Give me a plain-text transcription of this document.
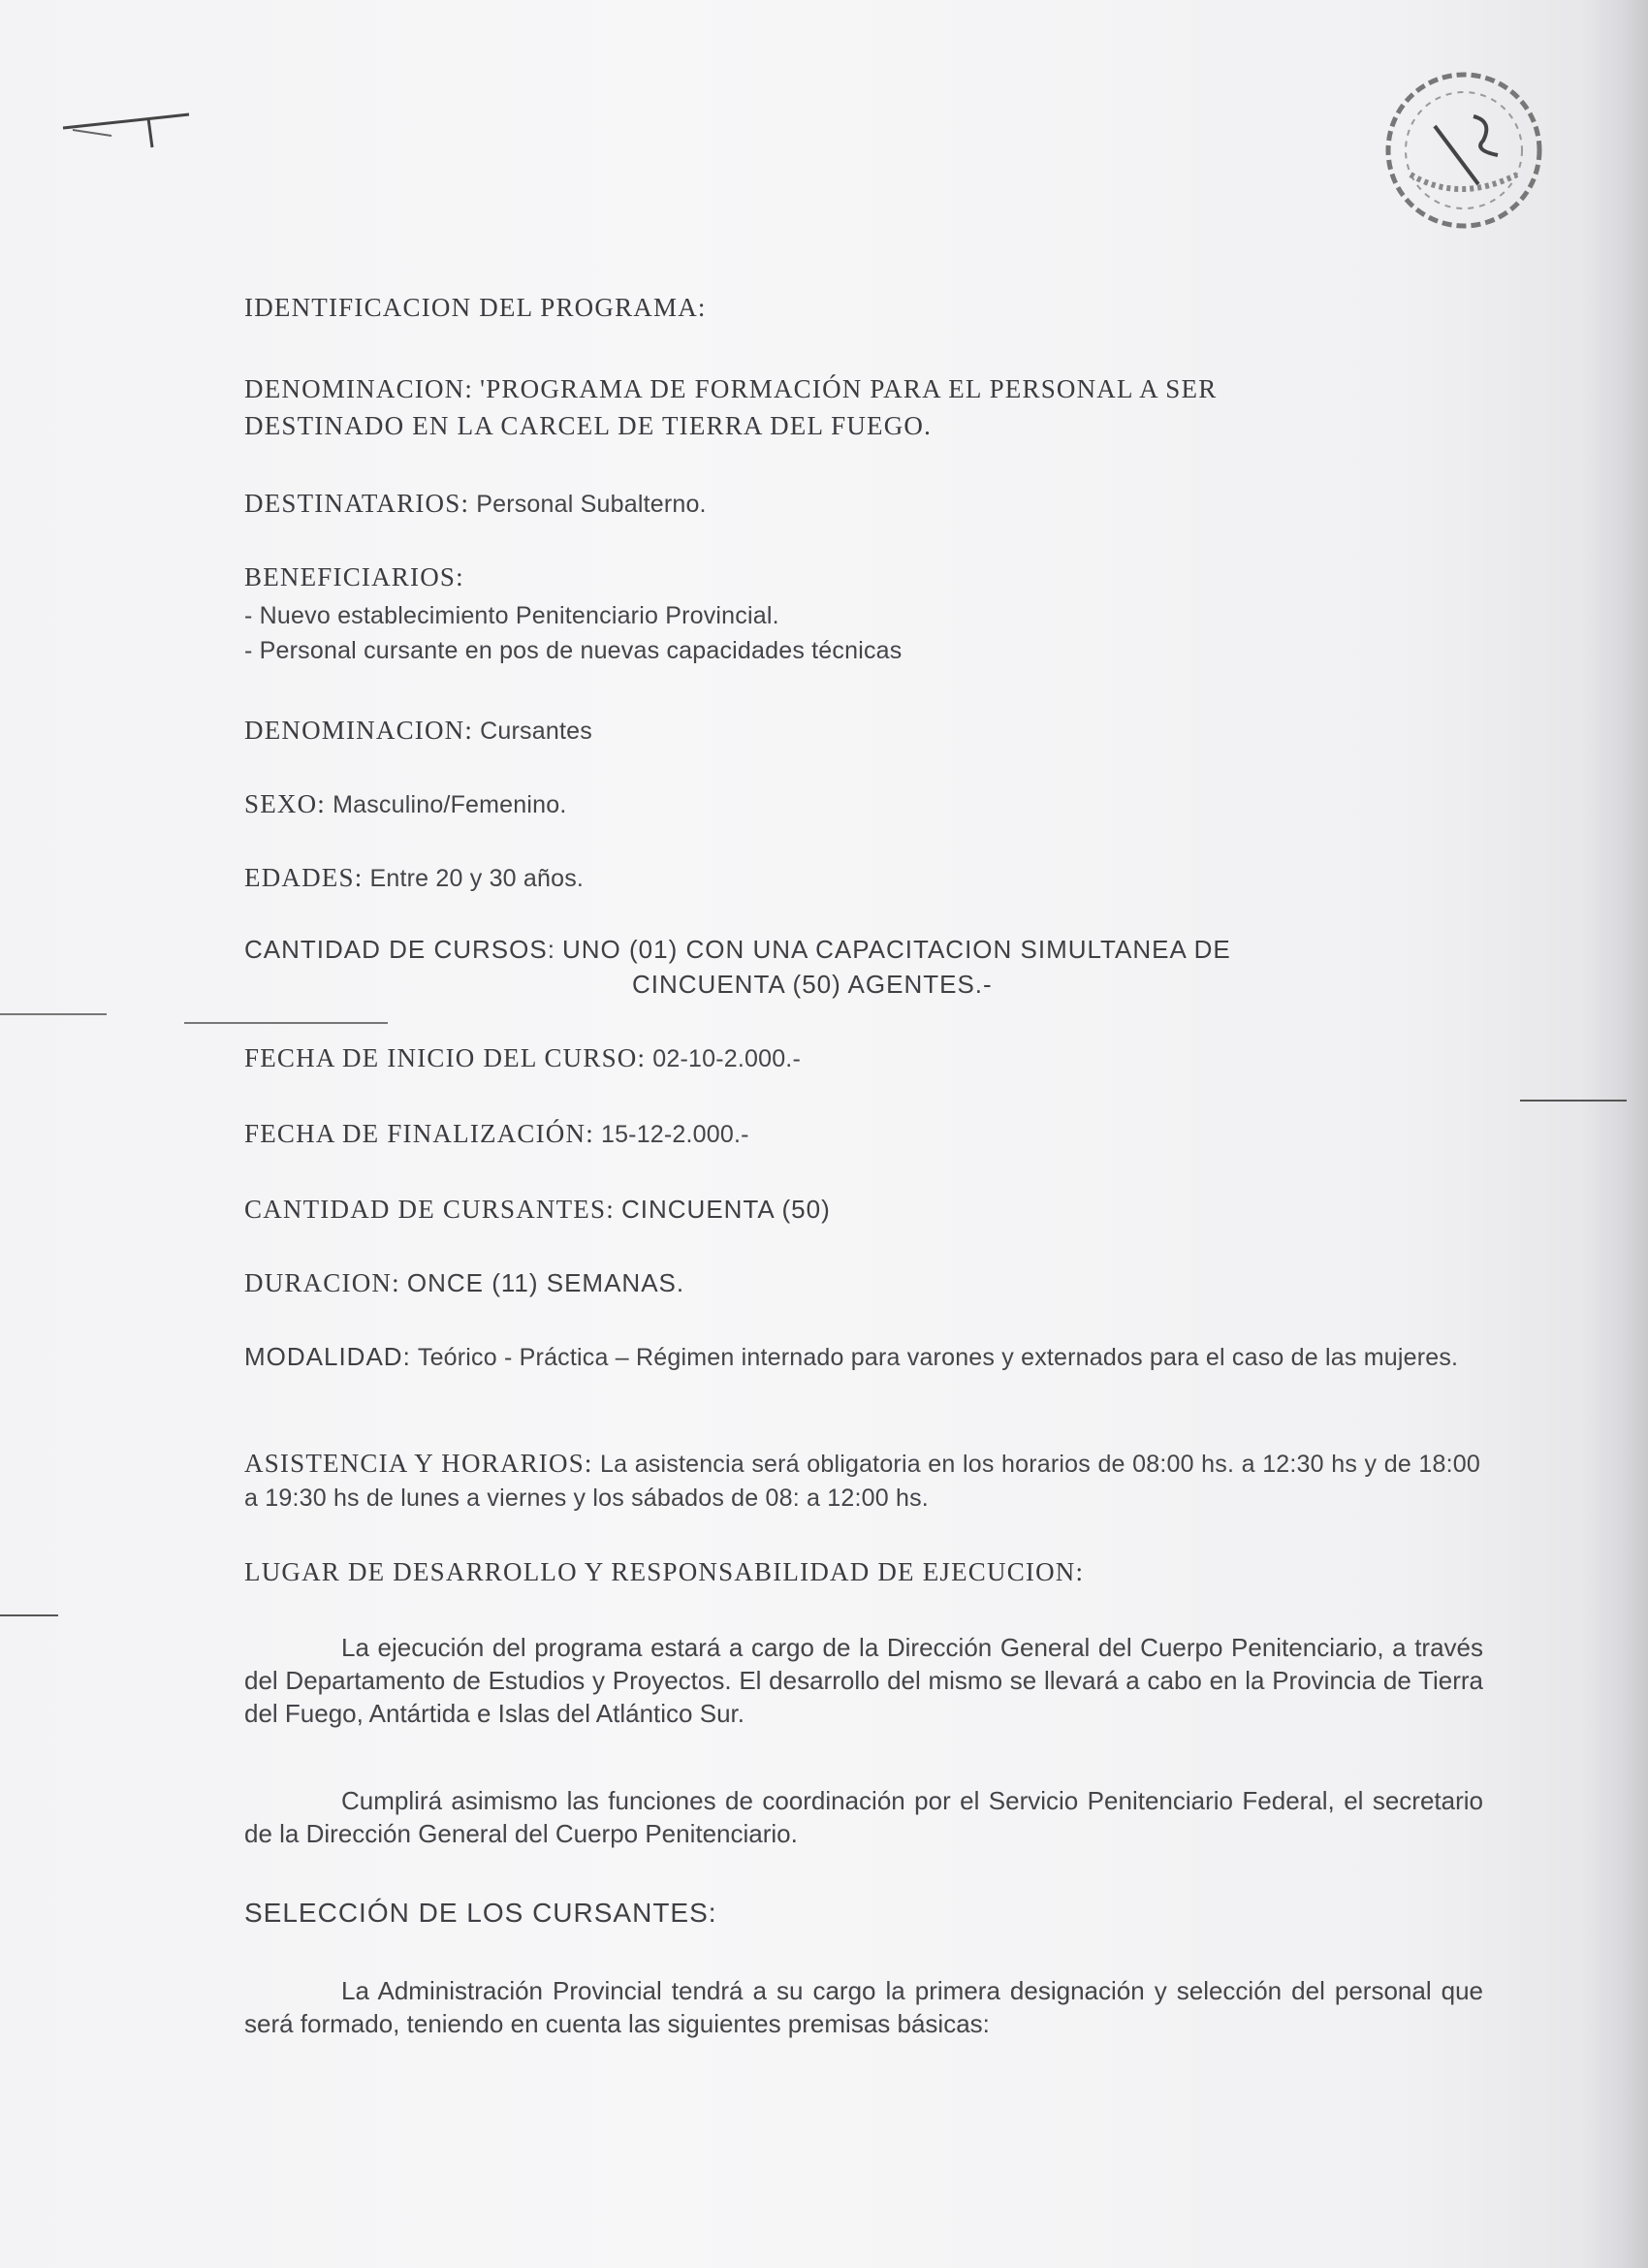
IDENTIFICACION DEL PROGRAMA:
DENOMINACION: 'PROGRAMA DE FORMACIÓN PARA EL PERSONAL A SER
DESTINADO EN LA CARCEL DE TIERRA DEL FUEGO.
DESTINATARIOS: Personal Subalterno.
BENEFICIARIOS:
- Nuevo establecimiento Penitenciario Provincial.
- Personal cursante en pos de nuevas capacidades técnicas
DENOMINACION: Cursantes
SEXO: Masculino/Femenino.
EDADES: Entre 20 y 30 años.
CANTIDAD DE CURSOS: UNO (01) CON UNA CAPACITACION SIMULTANEA DE
CINCUENTA (50) AGENTES.-
FECHA DE INICIO DEL CURSO: 02-10-2.000.-
FECHA DE FINALIZACIÓN: 15-12-2.000.-
CANTIDAD DE CURSANTES: CINCUENTA (50)
DURACION: ONCE (11) SEMANAS.
MODALIDAD: Teórico - Práctica – Régimen internado para varones y externados para el caso de las mujeres.
ASISTENCIA Y HORARIOS: La asistencia será obligatoria en los horarios de 08:00 hs. a 12:30 hs y de 18:00 a 19:30 hs de lunes a viernes y los sábados de 08: a 12:00 hs.
LUGAR DE DESARROLLO Y RESPONSABILIDAD DE EJECUCION:
La ejecución del programa estará a cargo de la Dirección General del Cuerpo Penitenciario, a través del Departamento de Estudios y Proyectos. El desarrollo del mismo se llevará a cabo en la Provincia de Tierra del Fuego, Antártida e Islas del Atlántico Sur.
Cumplirá asimismo las funciones de coordinación por el Servicio Penitenciario Federal, el secretario de la Dirección General del Cuerpo Penitenciario.
SELECCIÓN DE LOS CURSANTES:
La Administración Provincial tendrá a su cargo la primera designación y selección del personal que será formado, teniendo en cuenta las siguientes premisas básicas:
